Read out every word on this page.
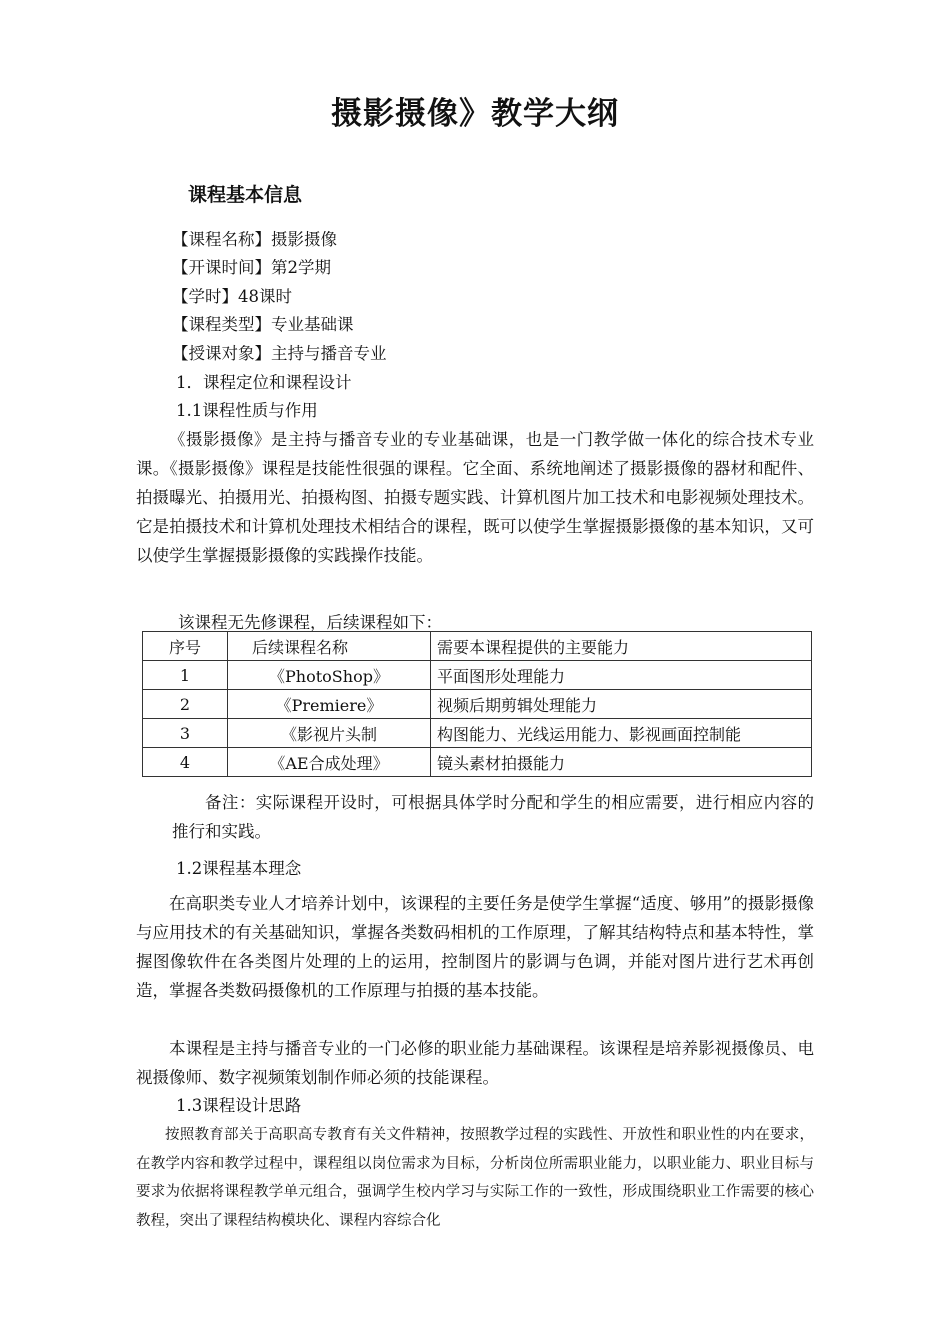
摄影摄像》教学大纲
课程基本信息
【课程名称】摄影摄像
【开课时间】第2学期
【学时】48课时
【课程类型】专业基础课
【授课对象】主持与播音专业
1．课程定位和课程设计
1.1课程性质与作用

《摄影摄像》是主持与播音专业的专业基础课，也是一门教学做一体化的综合技术专业课。《摄影摄像》课程是技能性很强的课程。它全面、系统地阐述了摄影摄像的器材和配件、拍摄曝光、拍摄用光、拍摄构图、拍摄专题实践、计算机图片加工技术和电影视频处理技术。它是拍摄技术和计算机处理技术相结合的课程，既可以使学生掌握摄影摄像的基本知识，又可以使学生掌握摄影摄像的实践操作技能。

该课程无先修课程，后续课程如下：
序号	后续课程名称	需要本课程提供的主要能力
1	《PhotoShop》	平面图形处理能力
2	《Premiere》	视频后期剪辑处理能力
3	《影视片头制	构图能力、光线运用能力、影视画面控制能
4	《AE合成处理》	镜头素材拍摄能力

备注：实际课程开设时，可根据具体学时分配和学生的相应需要，进行相应内容的推行和实践。

1.2课程基本理念

在高职类专业人才培养计划中，该课程的主要任务是使学生掌握“适度、够用”的摄影摄像与应用技术的有关基础知识，掌握各类数码相机的工作原理，了解其结构特点和基本特性，掌握图像软件在各类图片处理的上的运用，控制图片的影调与色调，并能对图片进行艺术再创造，掌握各类数码摄像机的工作原理与拍摄的基本技能。

本课程是主持与播音专业的一门必修的职业能力基础课程。该课程是培养影视摄像员、电视摄像师、数字视频策划制作师必须的技能课程。

1.3课程设计思路

按照教育部关于高职高专教育有关文件精神，按照教学过程的实践性、开放性和职业性的内在要求，在教学内容和教学过程中，课程组以岗位需求为目标，分析岗位所需职业能力，以职业能力、职业目标与要求为依据将课程教学单元组合，强调学生校内学习与实际工作的一致性，形成围绕职业工作需要的核心教程，突出了课程结构模块化、课程内容综合化
